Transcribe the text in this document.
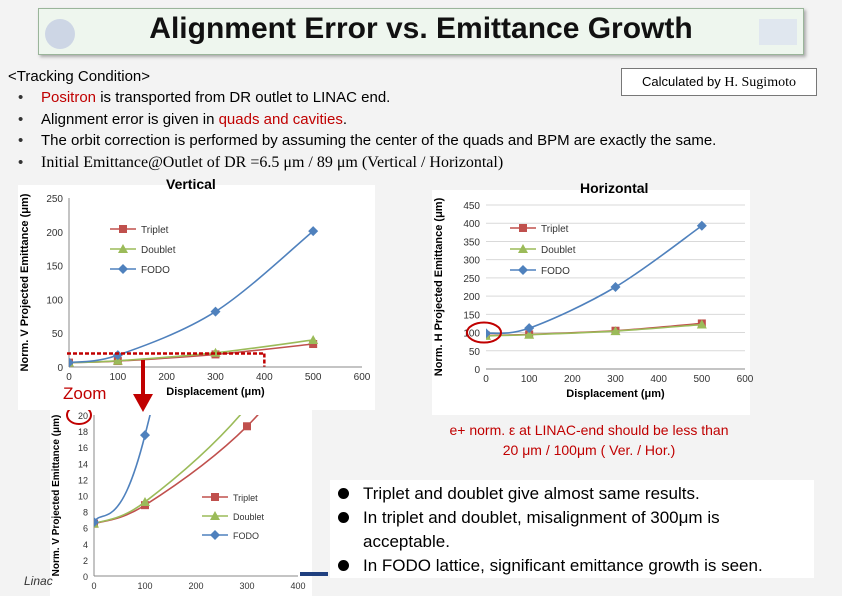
Alignment Error vs. Emittance Growth
<Tracking Condition>	Calculated by H. Sugimoto
• Positron is transported from DR outlet to LINAC end.
• Alignment error is given in quads and cavities.
• The orbit correction is performed by assuming the center of the quads and BPM are exactly the same.
• Initial Emittance@Outlet of DR =6.5 μm / 89 μm (Vertical / Horizontal)
0
2
4
6
8
10
12
14
16
18
20
0	100	200	300	400
Norm. V Projected Emittance (μm)	Triplet
Doublet
FODO
0
50
100
150
200
250
0	100	200	300	400	500	600
Displacement (μm)
Norm. V Projected Emittance (μm)	Triplet
Doublet
FODO
Vertical
0
50
100
150
200
250
300
350
400
450
0	100	200	300	400	500	600
Displacement (μm)
Norm. H Projected Emittance (μm)	Triplet
Doublet
FODO
Horizontal
Zoom
e+ norm. ε at LINAC-end should be less than
20 μm / 100μm ( Ver. / Hor.)
Triplet and doublet give almost same results.
In triplet and doublet, misalignment of 300μm is
acceptable.
In FODO lattice, significant emittance growth is seen.
Linac
